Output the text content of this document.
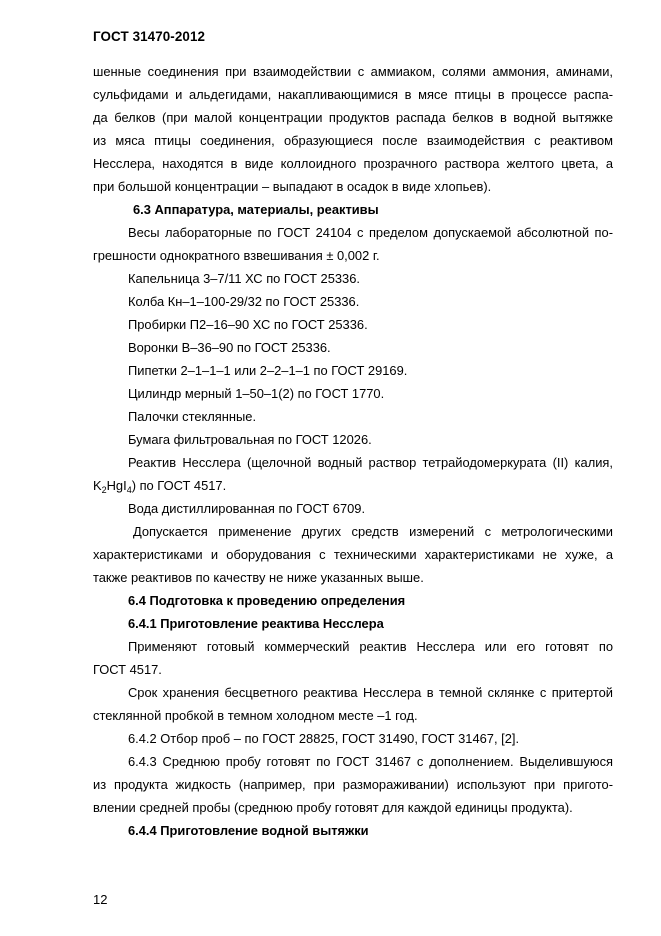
ГОСТ 31470-2012
шенные соединения при взаимодействии с аммиаком, солями аммония, аминами,
сульфидами и альдегидами, накапливающимися в мясе птицы в процессе распа-
да белков (при малой концентрации продуктов распада белков в водной вытяжке
из мяса птицы соединения, образующиеся после взаимодействия с реактивом
Несслера, находятся в виде коллоидного прозрачного раствора желтого цвета, а
при большой концентрации – выпадают в осадок в виде хлопьев).
6.3 Аппаратура, материалы, реактивы
Весы лабораторные по ГОСТ 24104 с пределом допускаемой абсолютной по-
грешности однократного взвешивания ± 0,002 г.
Капельница 3–7/11 ХС по ГОСТ 25336.
Колба Кн–1–100-29/32 по ГОСТ 25336.
Пробирки П2–16–90 ХС по ГОСТ 25336.
Воронки В–36–90 по ГОСТ 25336.
Пипетки 2–1–1–1 или 2–2–1–1 по ГОСТ 29169.
Цилиндр мерный 1–50–1(2) по ГОСТ 1770.
Палочки стеклянные.
Бумага фильтровальная по ГОСТ 12026.
Реактив Несслера (щелочной водный раствор тетрайодомеркурата (II) калия,
$K_2HgI_4$) по ГОСТ 4517.
Вода дистиллированная по ГОСТ 6709.
Допускается применение других средств измерений с метрологическими
характеристиками и оборудования с техническими характеристиками не хуже, а
также реактивов по качеству не ниже указанных выше.
6.4 Подготовка к проведению определения
6.4.1 Приготовление реактива Несслера
Применяют готовый коммерческий реактив Несслера или его готовят по
ГОСТ 4517.
Срок хранения бесцветного реактива Несслера в темной склянке с притертой
стеклянной пробкой в темном холодном месте –1 год.
6.4.2 Отбор проб – по ГОСТ 28825, ГОСТ 31490, ГОСТ 31467, [2].
6.4.3 Среднюю пробу готовят по ГОСТ 31467 с дополнением. Выделившуюся
из продукта жидкость (например, при размораживании) используют при пригото-
влении средней пробы (среднюю пробу готовят для каждой единицы продукта).
6.4.4 Приготовление водной вытяжки
12
